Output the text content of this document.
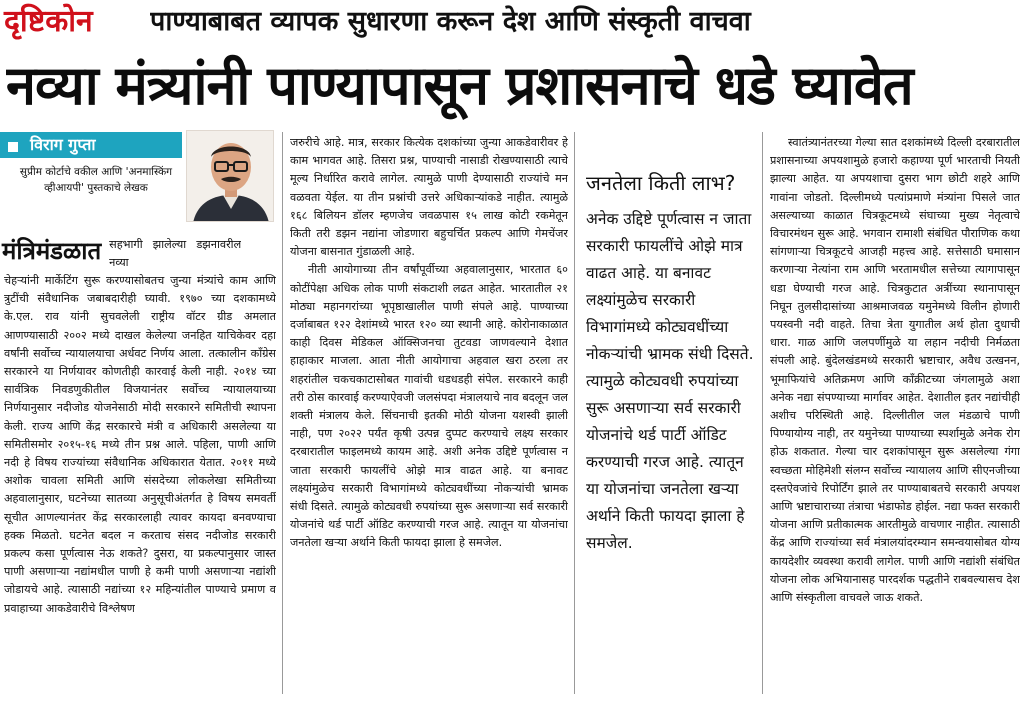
दृष्टिकोन	पाण्याबाबत व्यापक सुधारणा करून देश आणि संस्कृती वाचवा
नव्या मंत्र्यांनी पाण्यापासून प्रशासनाचे धडे घ्यावेत
विराग गुप्ता
सुप्रीम कोर्टाचे वकील आणि 'अनमास्किंग व्हीआयपी' पुस्तकाचे लेखक
मंत्रिमंडळात सहभागी झालेल्या डझनावरील नव्या

चेहऱ्यांनी मार्केटिंग सुरू करण्यासोबतच जुन्या मंत्र्यांचे काम आणि त्रुटींची संवैधानिक जबाबदारीही घ्यावी. १९७० च्या दशकामध्ये के.एल. राव यांनी सुचवलेली राष्ट्रीय वॉटर ग्रीड अमलात आणण्यासाठी २००२ मध्ये दाखल केलेल्या जनहित याचिकेवर दहा वर्षांनी सर्वोच्च न्यायालयाचा अर्धवट निर्णय आला. तत्कालीन काँग्रेस सरकारने या निर्णयावर कोणतीही कारवाई केली नाही. २०१४ च्या सार्वत्रिक निवडणुकीतील विजयानंतर सर्वोच्च न्यायालयाच्या निर्णयानुसार नदीजोड योजनेसाठी मोदी सरकारने समितीची स्थापना केली. राज्य आणि केंद्र सरकारचे मंत्री व अधिकारी असलेल्या या समितीसमोर २०१५-१६ मध्ये तीन प्रश्न आले. पहिला, पाणी आणि नदी हे विषय राज्यांच्या संवैधानिक अधिकारात येतात. २०११ मध्ये अशोक चावला समिती आणि संसदेच्या लोकलेखा समितीच्या अहवालानुसार, घटनेच्या सातव्या अनुसूचीअंतर्गत हे विषय समवर्ती सूचीत आणल्यानंतर केंद्र सरकारलाही त्यावर कायदा बनवण्याचा हक्क मिळतो. घटनेत बदल न करताच संसद नदीजोड सरकारी प्रकल्प कसा पूर्णत्वास नेऊ शकते? दुसरा, या प्रकल्पानुसार जास्त पाणी असणाऱ्या नद्यांमधील पाणी हे कमी पाणी असणाऱ्या नद्यांशी जोडायचे आहे. त्यासाठी नद्यांच्या १२ महिन्यांतील पाण्याचे प्रमाण व प्रवाहाच्या आकडेवारीचे विश्लेषण

जरुरीचे आहे. मात्र, सरकार कित्येक दशकांच्या जुन्या आकडेवारीवर हे काम भागवत आहे. तिसरा प्रश्न, पाण्याची नासाडी रोखण्यासाठी त्याचे मूल्य निर्धारित करावे लागेल. त्यामुळे पाणी देण्यासाठी राज्यांचे मन वळवता येईल. या तीन प्रश्नांची उत्तरे अधिकाऱ्यांकडे नाहीत. त्यामुळे १६८ बिलियन डॉलर म्हणजेच जवळपास १५ लाख कोटी रकमेतून किती तरी डझन नद्यांना जोडणारा बहुचर्चित प्रकल्प आणि गेमचेंजर योजना बासनात गुंडाळली आहे.

नीती आयोगाच्या तीन वर्षांपूर्वीच्या अहवालानुसार, भारतात ६० कोटींपेक्षा अधिक लोक पाणी संकटाशी लढत आहेत. भारतातील २१ मोठ्या महानगरांच्या भूपृष्ठाखालील पाणी संपले आहे. पाण्याच्या दर्जाबाबत १२२ देशांमध्ये भारत १२० व्या स्थानी आहे. कोरोनाकाळात काही दिवस मेडिकल ऑक्सिजनचा तुटवडा जाणवल्याने देशात हाहाकार माजला. आता नीती आयोगाचा अहवाल खरा ठरला तर शहरांतील चकचकाटासोबत गावांची धडधडही संपेल. सरकारने काही तरी ठोस कारवाई करण्याऐवजी जलसंपदा मंत्रालयाचे नाव बदलून जल शक्ती मंत्रालय केले. सिंचनाची इतकी मोठी योजना यशस्वी झाली नाही, पण २०२२ पर्यंत कृषी उत्पन्न दुप्पट करण्याचे लक्ष्य सरकार दरबारातील फाइलमध्ये कायम आहे. अशी अनेक उद्दिष्टे पूर्णत्वास न जाता सरकारी फायलींचे ओझे मात्र वाढत आहे. या बनावट लक्ष्यांमुळेच सरकारी विभागांमध्ये कोट्यवधींच्या नोकऱ्यांची भ्रामक संधी दिसते. त्यामुळे कोट्यवधी रुपयांच्या सुरू असणाऱ्या सर्व सरकारी योजनांचे थर्ड पार्टी ऑडिट करण्याची गरज आहे. त्यातून या योजनांचा जनतेला खऱ्या अर्थाने किती फायदा झाला हे समजेल.

जनतेला किती लाभ?
अनेक उद्दिष्टे पूर्णत्वास न जाता सरकारी फायलींचे ओझे मात्र वाढत आहे. या बनावट लक्ष्यांमुळेच सरकारी विभागांमध्ये कोट्यवधींच्या नोकऱ्यांची भ्रामक संधी दिसते. त्यामुळे कोट्यवधी रुपयांच्या सुरू असणाऱ्या सर्व सरकारी योजनांचे थर्ड पार्टी ऑडिट करण्याची गरज आहे. त्यातून या योजनांचा जनतेला खऱ्या अर्थाने किती फायदा झाला हे समजेल.

स्वातंत्र्यानंतरच्या गेल्या सात दशकांमध्ये दिल्ली दरबारातील प्रशासनाच्या अपयशामुळे हजारो कहाण्या पूर्ण भारताची नियती झाल्या आहेत. या अपयशाचा दुसरा भाग छोटी शहरे आणि गावांना जोडतो. दिल्लीमध्ये पत्यांप्रमाणे मंत्र्यांना पिसले जात असल्याच्या काळात चित्रकूटमध्ये संघाच्या मुख्य नेतृत्वाचे विचारमंथन सुरू आहे. भगवान रामाशी संबंधित पौराणिक कथा सांगणाऱ्या चित्रकूटचे आजही महत्त्व आहे. सत्तेसाठी घमासान करणाऱ्या नेत्यांना राम आणि भरतामधील सत्तेच्या त्यागापासून धडा घेण्याची गरज आहे. चित्रकुटात अत्रींच्या स्थानापासून निघून तुलसीदासांच्या आश्रमाजवळ यमुनेमध्ये विलीन होणारी पयस्वनी नदी वाहते. तिचा त्रेता युगातील अर्थ होता दुधाची धारा. गाळ आणि जलपर्णीमुळे या लहान नदीची निर्मळता संपली आहे. बुंदेलखंडमध्ये सरकारी भ्रष्टाचार, अवैध उत्खनन, भूमाफियांचे अतिक्रमण आणि काँक्रीटच्या जंगलामुळे अशा अनेक नद्या संपण्याच्या मार्गावर आहेत. देशातील इतर नद्यांचीही अशीच परिस्थिती आहे. दिल्लीतील जल मंडळाचे पाणी पिण्यायोग्य नाही, तर यमुनेच्या पाण्याच्या स्पर्शामुळे अनेक रोग होऊ शकतात. गेल्या चार दशकांपासून सुरू असलेल्या गंगा स्वच्छता मोहिमेशी संलग्न सर्वोच्च न्यायालय आणि सीएनजीच्या दस्तऐवजांचे रिपोर्टिंग झाले तर पाण्याबाबतचे सरकारी अपयश आणि भ्रष्टाचाराच्या तंत्राचा भंडाफोड होईल. नद्या फक्त सरकारी योजना आणि प्रतीकात्मक आरतीमुळे वाचणार नाहीत. त्यासाठी केंद्र आणि राज्यांच्या सर्व मंत्रालयांदरम्यान समन्वयासोबत योग्य कायदेशीर व्यवस्था करावी लागेल. पाणी आणि नद्यांशी संबंधित योजना लोक अभियानासह पारदर्शक पद्धतीने राबवल्यासच देश आणि संस्कृतीला वाचवले जाऊ शकते.
